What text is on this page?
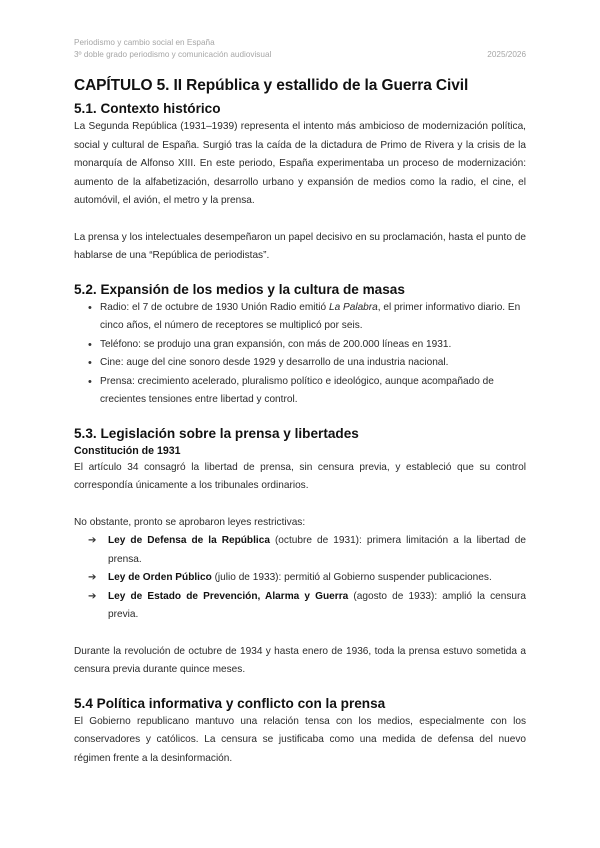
Periodismo y cambio social en España
3º doble grado periodismo y comunicación audiovisual	2025/2026
CAPÍTULO 5. II República y estallido de la Guerra Civil
5.1. Contexto histórico

La Segunda República (1931–1939) representa el intento más ambicioso de modernización política, social y cultural de España. Surgió tras la caída de la dictadura de Primo de Rivera y la crisis de la monarquía de Alfonso XIII. En este periodo, España experimentaba un proceso de modernización: aumento de la alfabetización, desarrollo urbano y expansión de medios como la radio, el cine, el automóvil, el avión, el metro y la prensa.

La prensa y los intelectuales desempeñaron un papel decisivo en su proclamación, hasta el punto de hablarse de una “República de periodistas”.

5.2. Expansión de los medios y la cultura de masas
• Radio: el 7 de octubre de 1930 Unión Radio emitió La Palabra, el primer informativo diario. En cinco años, el número de receptores se multiplicó por seis.
• Teléfono: se produjo una gran expansión, con más de 200.000 líneas en 1931.
• Cine: auge del cine sonoro desde 1929 y desarrollo de una industria nacional.
• Prensa: crecimiento acelerado, pluralismo político e ideológico, aunque acompañado de crecientes tensiones entre libertad y control.
5.3. Legislación sobre la prensa y libertades
Constitución de 1931

El artículo 34 consagró la libertad de prensa, sin censura previa, y estableció que su control correspondía únicamente a los tribunales ordinarios.

No obstante, pronto se aprobaron leyes restrictivas:

➔ Ley de Defensa de la República (octubre de 1931): primera limitación a la libertad de prensa.
➔ Ley de Orden Público (julio de 1933): permitió al Gobierno suspender publicaciones.
➔ Ley de Estado de Prevención, Alarma y Guerra (agosto de 1933): amplió la censura previa.

Durante la revolución de octubre de 1934 y hasta enero de 1936, toda la prensa estuvo sometida a censura previa durante quince meses.

5.4 Política informativa y conflicto con la prensa

El Gobierno republicano mantuvo una relación tensa con los medios, especialmente con los conservadores y católicos. La censura se justificaba como una medida de defensa del nuevo régimen frente a la desinformación.
